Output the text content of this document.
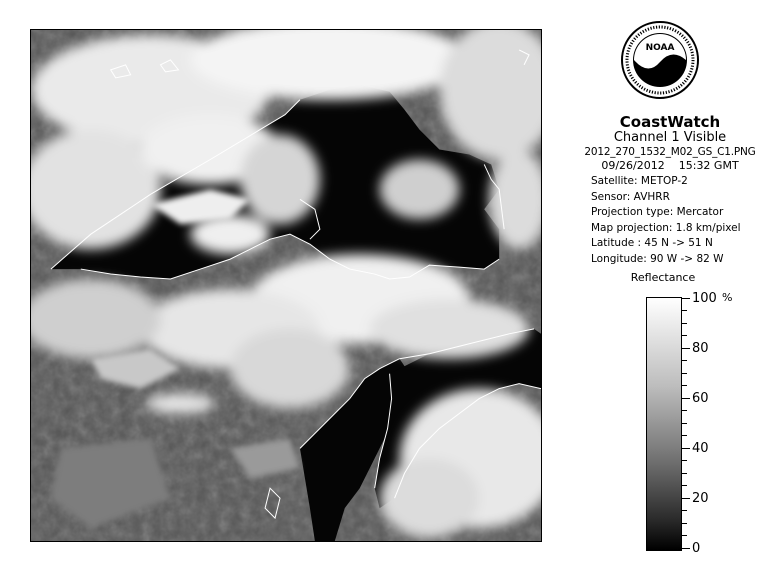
NOAA
CoastWatch
Channel 1 Visible
2012_270_1532_M02_GS_C1.PNG
09/26/2012 15:32 GMT
Satellite: METOP-2
Sensor: AVHRR
Projection type: Mercator
Map projection: 1.8 km/pixel
Latitude : 45 N -> 51 N
Longitude: 90 W -> 82 W
Reflectance
%
100
80
60
40
20
0
